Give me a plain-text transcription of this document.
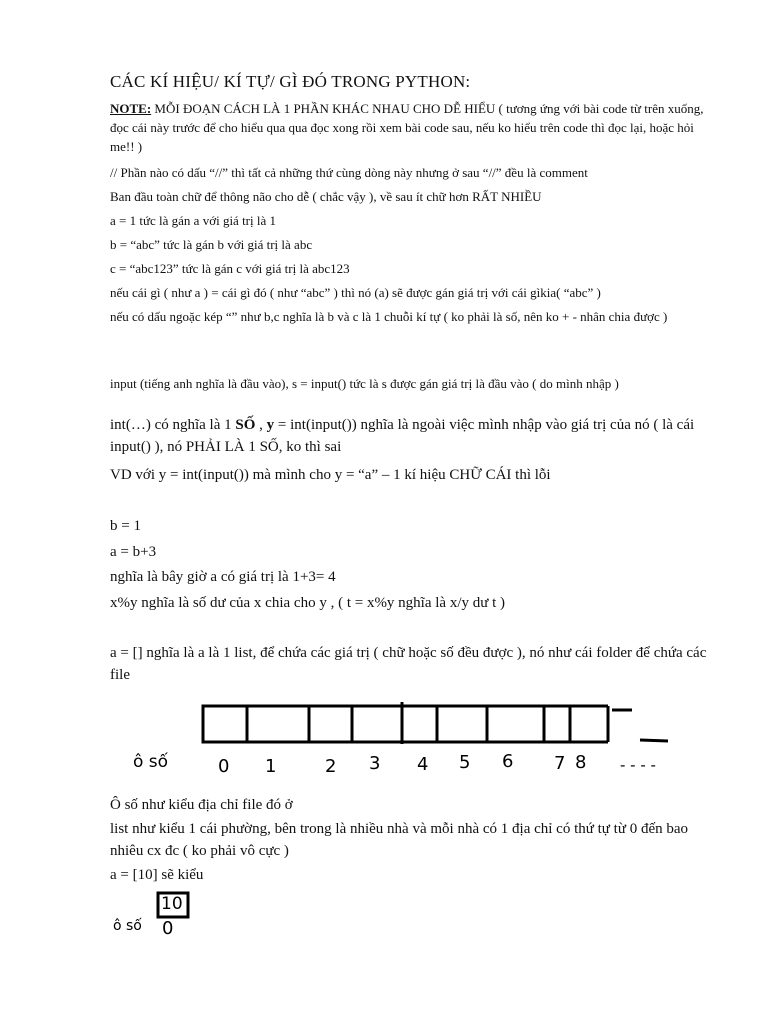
CÁC KÍ HIỆU/ KÍ TỰ/ GÌ ĐÓ TRONG PYTHON:
NOTE: MỖI ĐOẠN CÁCH LÀ 1 PHẦN KHÁC NHAU CHO DỄ HIỂU ( tương ứng với bài code từ trên xuống, đọc cái này trước để cho hiểu qua qua đọc xong rồi xem bài code sau, nếu ko hiểu trên code thì đọc lại, hoặc hỏi me!! )
// Phần nào có dấu “//” thì tất cả những thứ cùng dòng này nhưng ở sau “//” đều là comment
Ban đầu toàn chữ để thông não cho dễ ( chắc vậy ), về sau ít chữ hơn RẤT NHIỀU
a = 1 tức là gán a với giá trị là 1
b = “abc” tức là gán b với giá trị là abc
c = “abc123” tức là gán c với giá trị là abc123
nếu cái gì ( như a ) = cái gì đó ( như “abc” ) thì nó (a) sẽ được gán giá trị với cái gìkia( “abc” )
nếu có dấu ngoặc kép “” như b,c nghĩa là b và c là 1 chuỗi kí tự ( ko phải là số, nên ko + - nhân chia được )
input (tiếng anh nghĩa là đầu vào), s = input() tức là s được gán giá trị là đầu vào ( do mình nhập )
int(…) có nghĩa là 1 SỐ , y = int(input()) nghĩa là ngoài việc mình nhập vào giá trị của nó ( là cái input() ), nó PHẢI LÀ 1 SỐ, ko thì sai
VD với y = int(input()) mà mình cho y = “a” – 1 kí hiệu CHỮ CÁI thì lỗi
b = 1
a = b+3
nghĩa là bây giờ a có giá trị là 1+3= 4
x%y nghĩa là số dư của x chia cho y , ( t = x%y nghĩa là x/y dư t )
a = [] nghĩa là a là 1 list, để chứa các giá trị ( chữ hoặc số đều được ), nó như cái folder để chứa các file
ô số	0 1	2 3 4 5 6 7 8 - - - -
Ô số như kiểu địa chỉ file đó ở
list như kiểu 1 cái phường, bên trong là nhiều nhà và mỗi nhà có 1 địa chỉ có thứ tự từ 0 đến bao nhiêu cx đc ( ko phải vô cực )
a = [10] sẽ kiểu
10
ô số 0
